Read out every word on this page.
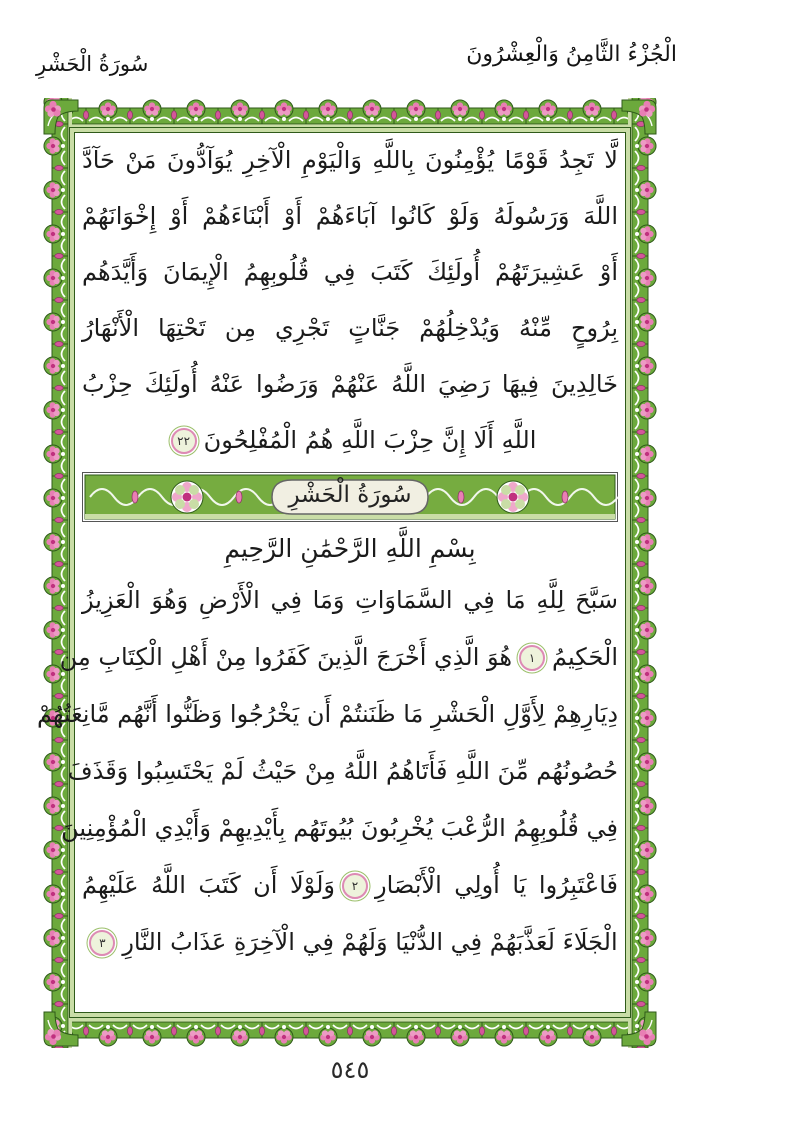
الْجُزْءُ الثَّامِنُ وَالْعِشْرُونَ
سُورَةُ الْحَشْرِ
لَّا تَجِدُ قَوْمًا يُؤْمِنُونَ بِاللَّهِ وَالْيَوْمِ الْآخِرِ يُوَآدُّونَ مَنْ حَآدَّ
اللَّهَ وَرَسُولَهُ وَلَوْ كَانُوا آبَاءَهُمْ أَوْ أَبْنَاءَهُمْ أَوْ إِخْوَانَهُمْ
أَوْ عَشِيرَتَهُمْ أُولَئِكَ كَتَبَ فِي قُلُوبِهِمُ الْإِيمَانَ وَأَيَّدَهُم
بِرُوحٍ مِّنْهُ وَيُدْخِلُهُمْ جَنَّاتٍ تَجْرِي مِن تَحْتِهَا الْأَنْهَارُ
خَالِدِينَ فِيهَا رَضِيَ اللَّهُ عَنْهُمْ وَرَضُوا عَنْهُ أُولَئِكَ حِزْبُ
اللَّهِ أَلَا إِنَّ حِزْبَ اللَّهِ هُمُ الْمُفْلِحُونَ٢٢
سُورَةُ الْحَشْرِ
بِسْمِ اللَّهِ الرَّحْمَٰنِ الرَّحِيمِ
سَبَّحَ لِلَّهِ مَا فِي السَّمَاوَاتِ وَمَا فِي الْأَرْضِ وَهُوَ الْعَزِيزُ
الْحَكِيمُ١هُوَ الَّذِي أَخْرَجَ الَّذِينَ كَفَرُوا مِنْ أَهْلِ الْكِتَابِ مِن
دِيَارِهِمْ لِأَوَّلِ الْحَشْرِ مَا ظَنَنتُمْ أَن يَخْرُجُوا وَظَنُّوا أَنَّهُم مَّانِعَتُهُمْ
حُصُونُهُم مِّنَ اللَّهِ فَأَتَاهُمُ اللَّهُ مِنْ حَيْثُ لَمْ يَحْتَسِبُوا وَقَذَفَ
فِي قُلُوبِهِمُ الرُّعْبَ يُخْرِبُونَ بُيُوتَهُم بِأَيْدِيهِمْ وَأَيْدِي الْمُؤْمِنِينَ
فَاعْتَبِرُوا يَا أُولِي الْأَبْصَارِ٢وَلَوْلَا أَن كَتَبَ اللَّهُ عَلَيْهِمُ
الْجَلَاءَ لَعَذَّبَهُمْ فِي الدُّنْيَا وَلَهُمْ فِي الْآخِرَةِ عَذَابُ النَّارِ٣
٥٤٥
